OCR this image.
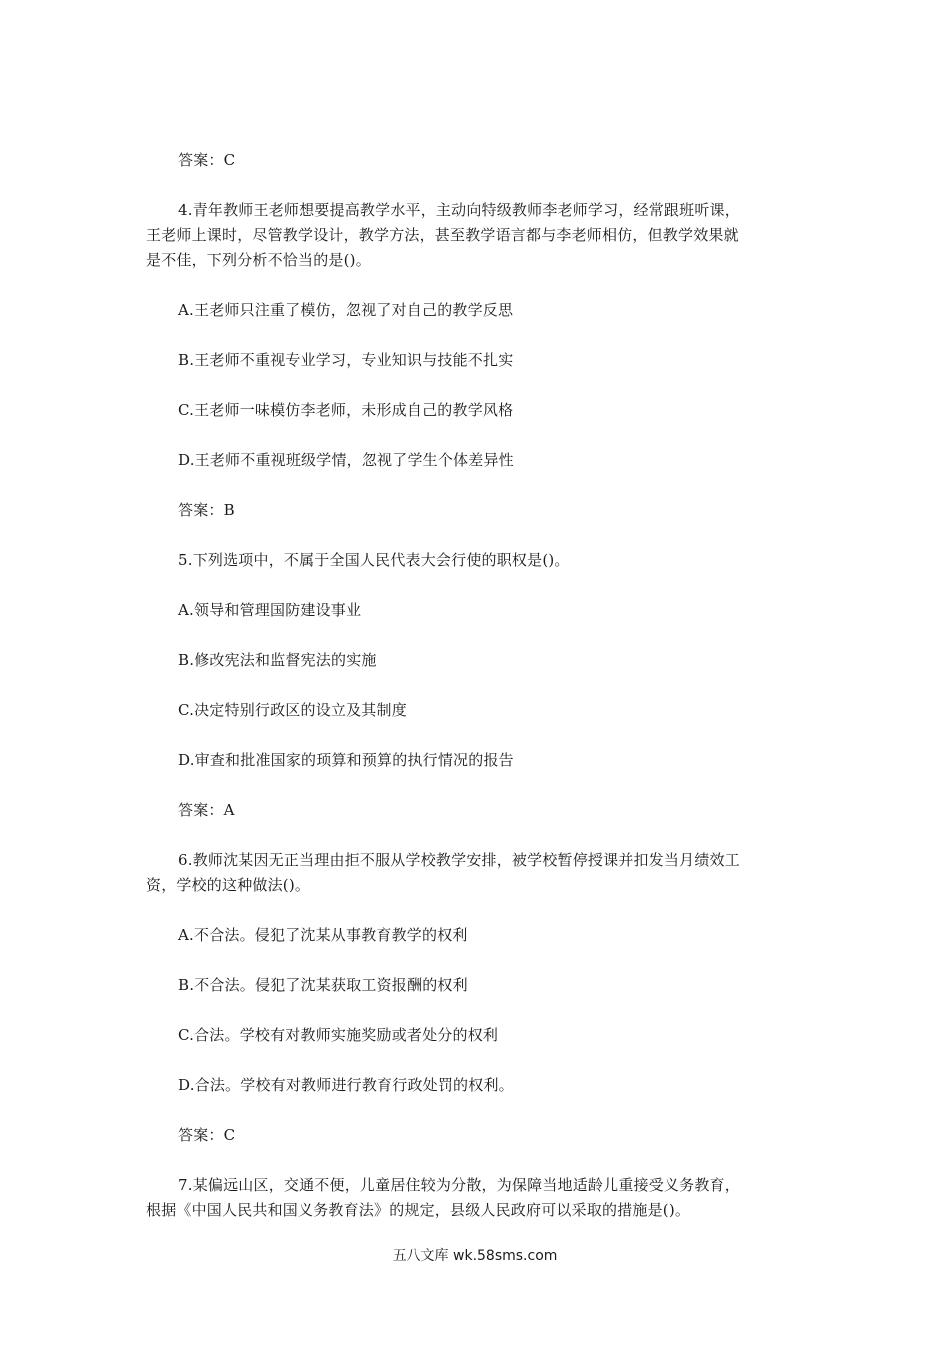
答案：C
4.青年教师王老师想要提高教学水平，主动向特级教师李老师学习，经常跟班听课，
王老师上课时，尽管教学设计，教学方法，甚至教学语言都与李老师相仿，但教学效果就
是不佳，下列分析不恰当的是()。
A.王老师只注重了模仿，忽视了对自己的教学反思
B.王老师不重视专业学习，专业知识与技能不扎实
C.王老师一味模仿李老师，未形成自己的教学风格
D.王老师不重视班级学情，忽视了学生个体差异性
答案：B
5.下列选项中，不属于全国人民代表大会行使的职权是()。
A.领导和管理国防建设事业
B.修改宪法和监督宪法的实施
C.决定特别行政区的设立及其制度
D.审查和批准国家的顼算和预算的执行情况的报告
答案：A
6.教师沈某因无正当理由拒不服从学校教学安排，被学校暂停授课并扣发当月绩效工
资，学校的这种做法()。
A.不合法。侵犯了沈某从事教育教学的权利
B.不合法。侵犯了沈某获取工资报酬的权利
C.合法。学校有对教师实施奖励或者处分的权利
D.合法。学校有对教师进行教育行政处罚的权利。
答案：C
7.某偏远山区，交通不便，儿童居住较为分散，为保障当地适龄儿重接受义务教育，
根据《中国人民共和国义务教育法》的规定，县级人民政府可以采取的措施是()。
五八文库 wk.58sms.com
